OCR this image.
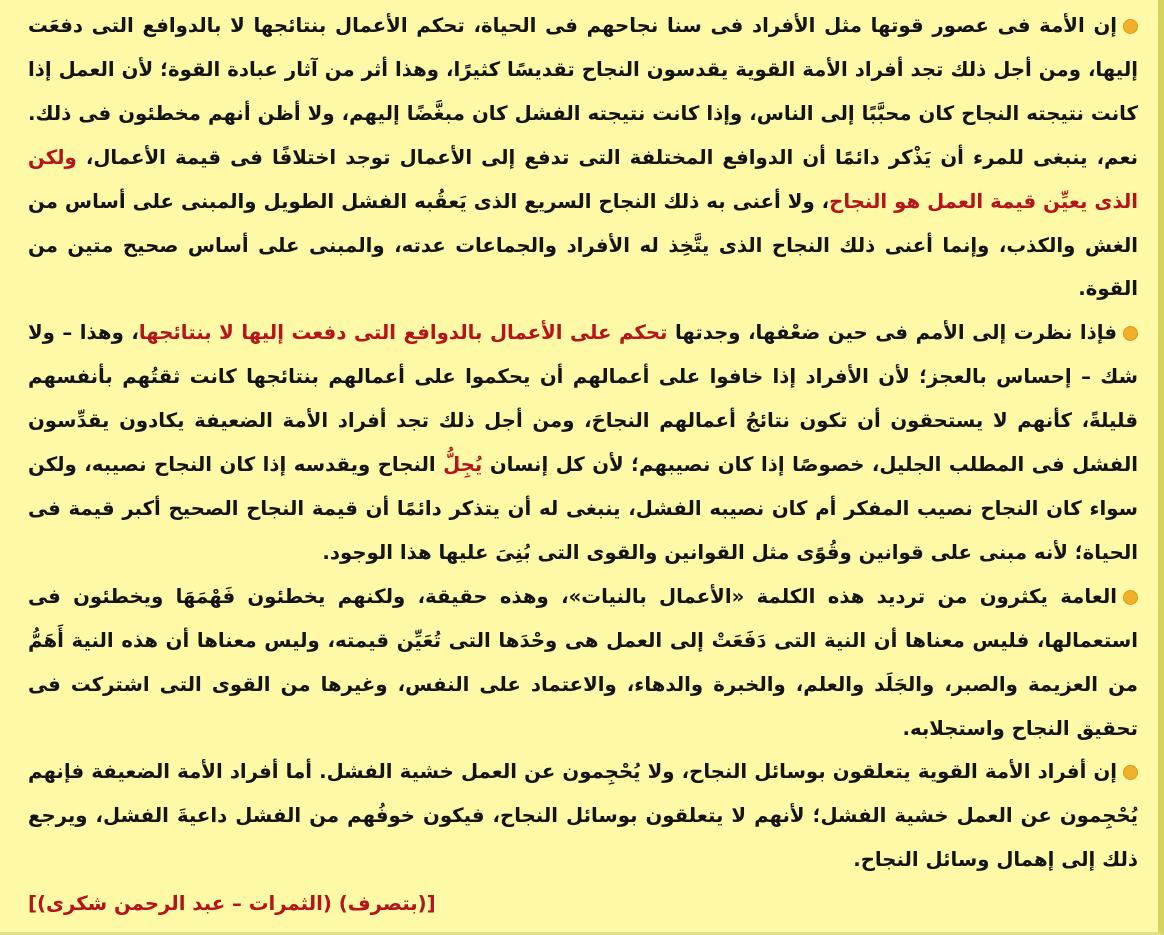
إن الأمة فى عصور قوتها مثل الأفراد فى سنا نجاحهم فى الحياة، تحكم الأعمال بنتائجها لا بالدوافع التى دفعَت إليها، ومن أجل ذلك تجد أفراد الأمة القوية يقدسون النجاح تقديسًا كثيرًا، وهذا أثر من آثار عبادة القوة؛ لأن العمل إذا كانت نتيجته النجاح كان محبَّبًا إلى الناس، وإذا كانت نتيجته الفشل كان مبغَّضًا إليهم، ولا أظن أنهم مخطئون فى ذلك. نعم، ينبغى للمرء أن يَذْكر دائمًا أن الدوافع المختلفة التى تدفع إلى الأعمال توجد اختلافًا فى قيمة الأعمال، ولكن الذى يعيِّن قيمة العمل هو النجاح، ولا أعنى به ذلك النجاح السريع الذى يَعقُبه الفشل الطويل والمبنى على أساس من الغش والكذب، وإنما أعنى ذلك النجاح الذى يتَّخِذ له الأفراد والجماعات عدته، والمبنى على أساس صحيح متين من القوة.

فإذا نظرت إلى الأمم فى حين ضعْفها، وجدتها تحكم على الأعمال بالدوافع التى دفعت إليها لا بنتائجها، وهذا – ولا شك – إحساس بالعجز؛ لأن الأفراد إذا خافوا على أعمالهم أن يحكموا على أعمالهم بنتائجها كانت ثقتُهم بأنفسهم قليلةً، كأنهم لا يستحقون أن تكون نتائجُ أعمالهم النجاحَ، ومن أجل ذلك تجد أفراد الأمة الضعيفة يكادون يقدِّسون الفشل فى المطلب الجليل، خصوصًا إذا كان نصيبهم؛ لأن كل إنسان يُجِلُّ النجاح ويقدسه إذا كان النجاح نصيبه، ولكن سواء كان النجاح نصيب المفكر أم كان نصيبه الفشل، ينبغى له أن يتذكر دائمًا أن قيمة النجاح الصحيح أكبر قيمة فى الحياة؛ لأنه مبنى على قوانين وقُوًى مثل القوانين والقوى التى بُنِىَ عليها هذا الوجود.

العامة يكثرون من ترديد هذه الكلمة «الأعمال بالنيات»، وهذه حقيقة، ولكنهم يخطئون فَهْمَهَا ويخطئون فى استعمالها، فليس معناها أن النية التى دَفَعَتْ إلى العمل هى وحْدَها التى تُعَيِّن قيمته، وليس معناها أن هذه النية أَهَمُّ من العزيمة والصبر، والجَلَد والعلم، والخبرة والدهاء، والاعتماد على النفس، وغيرها من القوى التى اشتركت فى تحقيق النجاح واستجلابه.

إن أفراد الأمة القوية يتعلقون بوسائل النجاح، ولا يُحْجِمون عن العمل خشية الفشل. أما أفراد الأمة الضعيفة فإنهم يُحْجِمون عن العمل خشية الفشل؛ لأنهم لا يتعلقون بوسائل النجاح، فيكون خوفُهم من الفشل داعيةَ الفشل، ويرجع ذلك إلى إهمال وسائل النجاح.

[(بتصرف) (الثمرات – عبد الرحمن شكرى)]
